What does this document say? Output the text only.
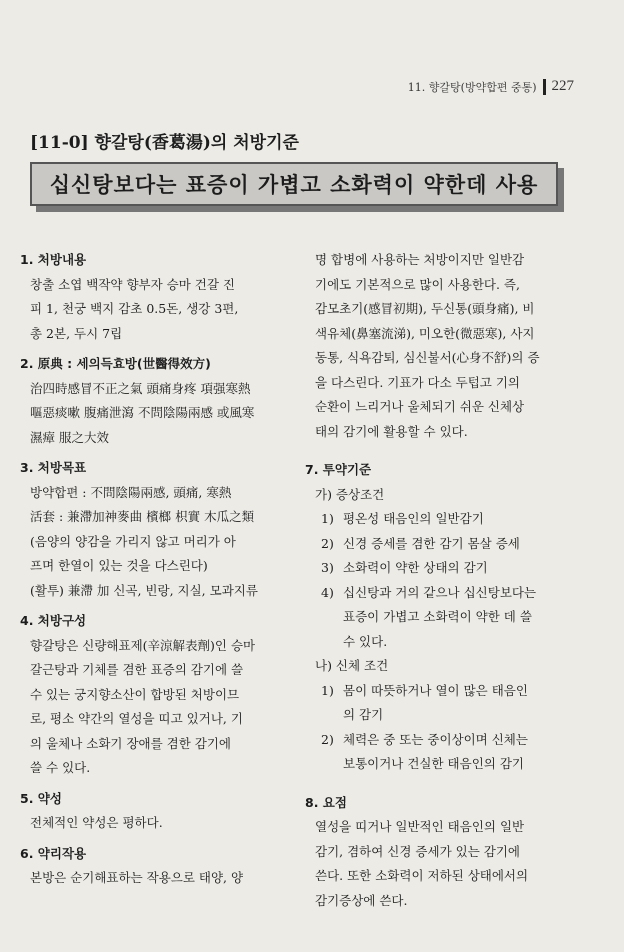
11. 향갈탕(방약합편 중통) 227
[11-0] 향갈탕(香葛湯)의 처방기준
십신탕보다는 표증이 가볍고 소화력이 약한데 사용
1. 처방내용
창출 소엽 백작약 향부자 승마 건갈 진
피 1, 천궁 백지 감초 0.5돈, 생강 3편,
총 2본, 두시 7립
2. 原典 : 세의득효방(世醫得效方)
治四時感冒不正之氣 頭痛身疼 項强寒熱
嘔惡痰嗽 腹痛泄瀉 不問陰陽兩感 或風寒
濕瘴 服之大效
3. 처방목표
방약합편 : 不問陰陽兩感, 頭痛, 寒熱
活套 : 兼滯加神麥曲 檳榔 枳實 木瓜之類
(음양의 양감을 가리지 않고 머리가 아
프며 한열이 있는 것을 다스린다)
(활투) 兼滯 加 신곡, 빈랑, 지실, 모과지류
4. 처방구성
향갈탕은 신량해표제(辛涼解表劑)인 승마
갈근탕과 기체를 겸한 표증의 감기에 쓸
수 있는 궁지향소산이 합방된 처방이므
로, 평소 약간의 열성을 띠고 있거나, 기
의 울체나 소화기 장애를 겸한 감기에
쓸 수 있다.
5. 약성
전체적인 약성은 평하다.
6. 약리작용
본방은 순기해표하는 작용으로 태양, 양
명 합병에 사용하는 처방이지만 일반감
기에도 기본적으로 많이 사용한다. 즉,
감모초기(感冒初期), 두신통(頭身痛), 비
색유체(鼻塞流涕), 미오한(微惡寒), 사지
동통, 식욕감퇴, 심신불서(心身不舒)의 증
을 다스린다. 기표가 다소 두텁고 기의
순환이 느리거나 울체되기 쉬운 신체상
태의 감기에 활용할 수 있다.
7. 투약기준
가) 증상조건
1) 평온성 태음인의 일반감기
2) 신경 증세를 겸한 감기 몸살 증세
3) 소화력이 약한 상태의 감기
4) 십신탕과 거의 같으나 십신탕보다는
표증이 가볍고 소화력이 약한 데 쓸
수 있다.
나) 신체 조건
1) 몸이 따뜻하거나 열이 많은 태음인
의 감기
2) 체력은 중 또는 중이상이며 신체는
보통이거나 건실한 태음인의 감기
8. 요점
열성을 띠거나 일반적인 태음인의 일반
감기, 겸하여 신경 증세가 있는 감기에
쓴다. 또한 소화력이 저하된 상태에서의
감기증상에 쓴다.
